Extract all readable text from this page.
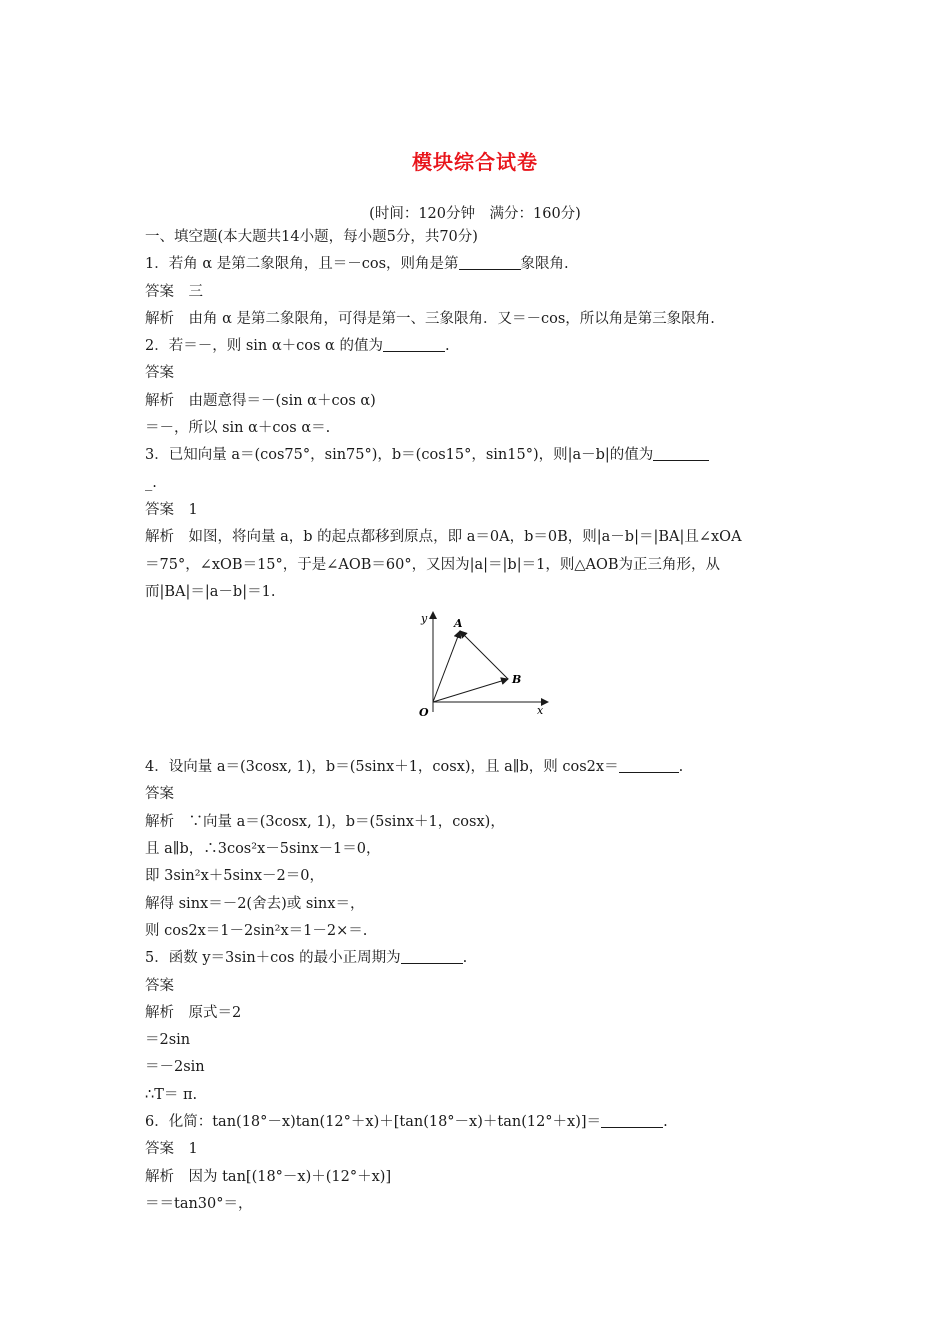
模块综合试卷
(时间：120分钟　满分：160分)
一、填空题(本大题共14小题，每小题5分，共70分)
1．若角 α 是第二象限角，且＝－cos，则角是第	象限角.
答案　三
解析　由角 α 是第二象限角，可得是第一、三象限角．又＝－cos，所以角是第三象限角.
2．若＝－，则 sin α＋cos α 的值为	.
答案
解析　由题意得＝－(sin α＋cos α)
＝－，所以 sin α＋cos α＝.
3．已知向量 a＝(cos75°，sin75°)，b＝(cos15°，sin15°)，则|a－b|的值为
_.
答案　1
解析　如图，将向量 a，b 的起点都移到原点，即 a＝0A，b＝0B，则|a－b|＝|BA|且∠xOA
＝75°，∠xOB＝15°，于是∠AOB＝60°，又因为|a|＝|b|＝1，则△AOB为正三角形，从
而|BA|＝|a－b|＝1.
y
x
O
A
B
4．设向量 a＝(3cosx, 1)，b＝(5sinx＋1，cosx)，且 a∥b，则 cos2x＝	.
答案
解析　∵向量 a＝(3cosx, 1)，b＝(5sinx＋1，cosx)，
且 a∥b，∴3cos²x－5sinx－1＝0，
即 3sin²x＋5sinx－2＝0，
解得 sinx＝－2(舍去)或 sinx＝，
则 cos2x＝1－2sin²x＝1－2×＝.
5．函数 y＝3sin＋cos 的最小正周期为	.
答案
解析　原式＝2
＝2sin
＝－2sin
∴T＝ π.
6．化简：tan(18°－x)tan(12°＋x)＋[tan(18°－x)＋tan(12°＋x)]＝	.
答案　1
解析　因为 tan[(18°－x)＋(12°＋x)]
＝＝tan30°＝，
